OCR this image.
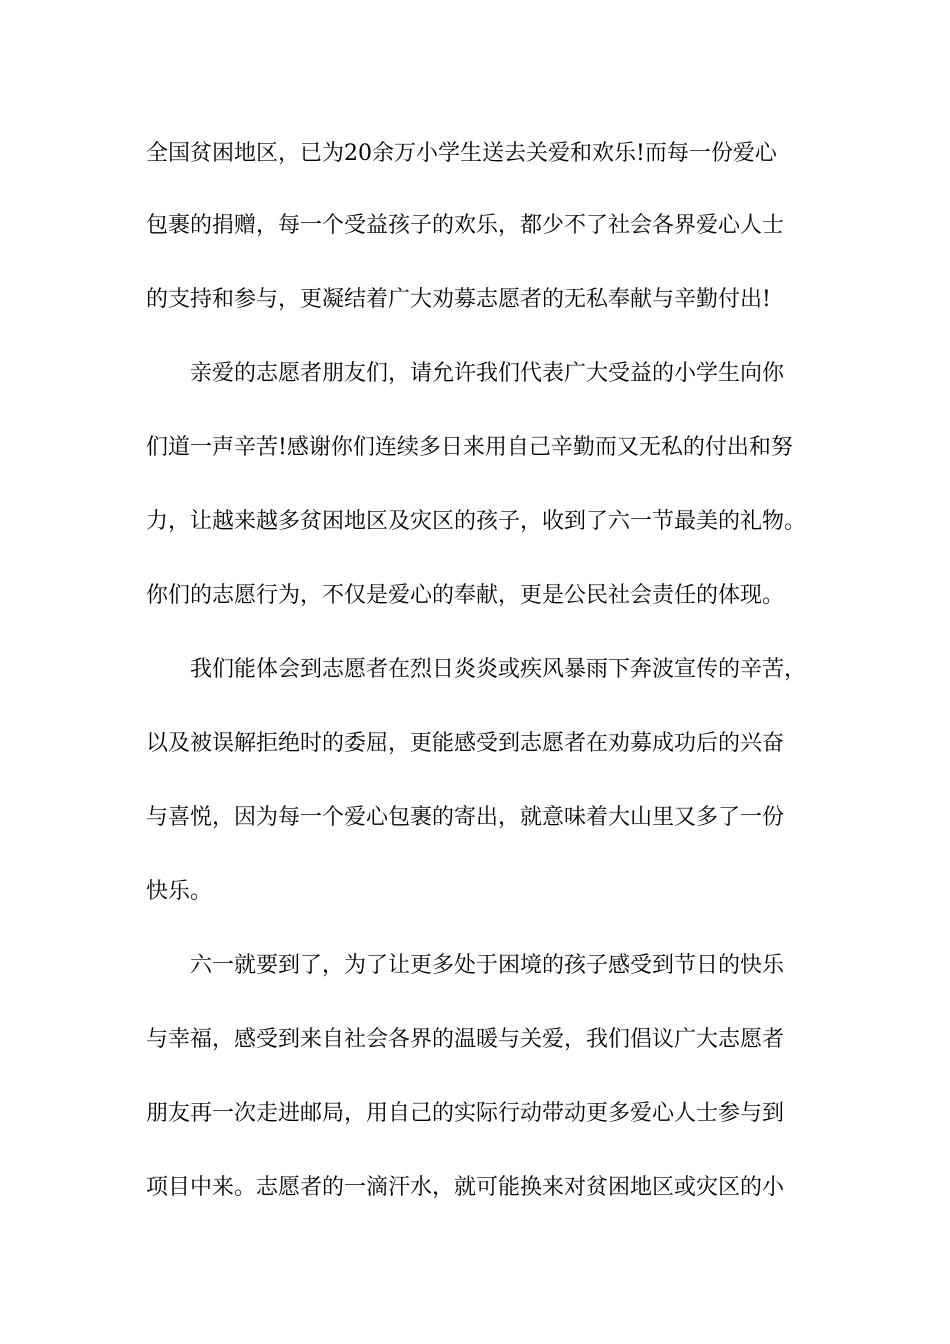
全国贫困地区，已为20余万小学生送去关爱和欢乐!而每一份爱心
包裹的捐赠，每一个受益孩子的欢乐，都少不了社会各界爱心人士
的支持和参与，更凝结着广大劝募志愿者的无私奉献与辛勤付出!
亲爱的志愿者朋友们，请允许我们代表广大受益的小学生向你
们道一声辛苦!感谢你们连续多日来用自己辛勤而又无私的付出和努
力，让越来越多贫困地区及灾区的孩子，收到了六一节最美的礼物。
你们的志愿行为，不仅是爱心的奉献，更是公民社会责任的体现。
我们能体会到志愿者在烈日炎炎或疾风暴雨下奔波宣传的辛苦，
以及被误解拒绝时的委屈，更能感受到志愿者在劝募成功后的兴奋
与喜悦，因为每一个爱心包裹的寄出，就意味着大山里又多了一份
快乐。
六一就要到了，为了让更多处于困境的孩子感受到节日的快乐
与幸福，感受到来自社会各界的温暖与关爱，我们倡议广大志愿者
朋友再一次走进邮局，用自己的实际行动带动更多爱心人士参与到
项目中来。志愿者的一滴汗水，就可能换来对贫困地区或灾区的小
